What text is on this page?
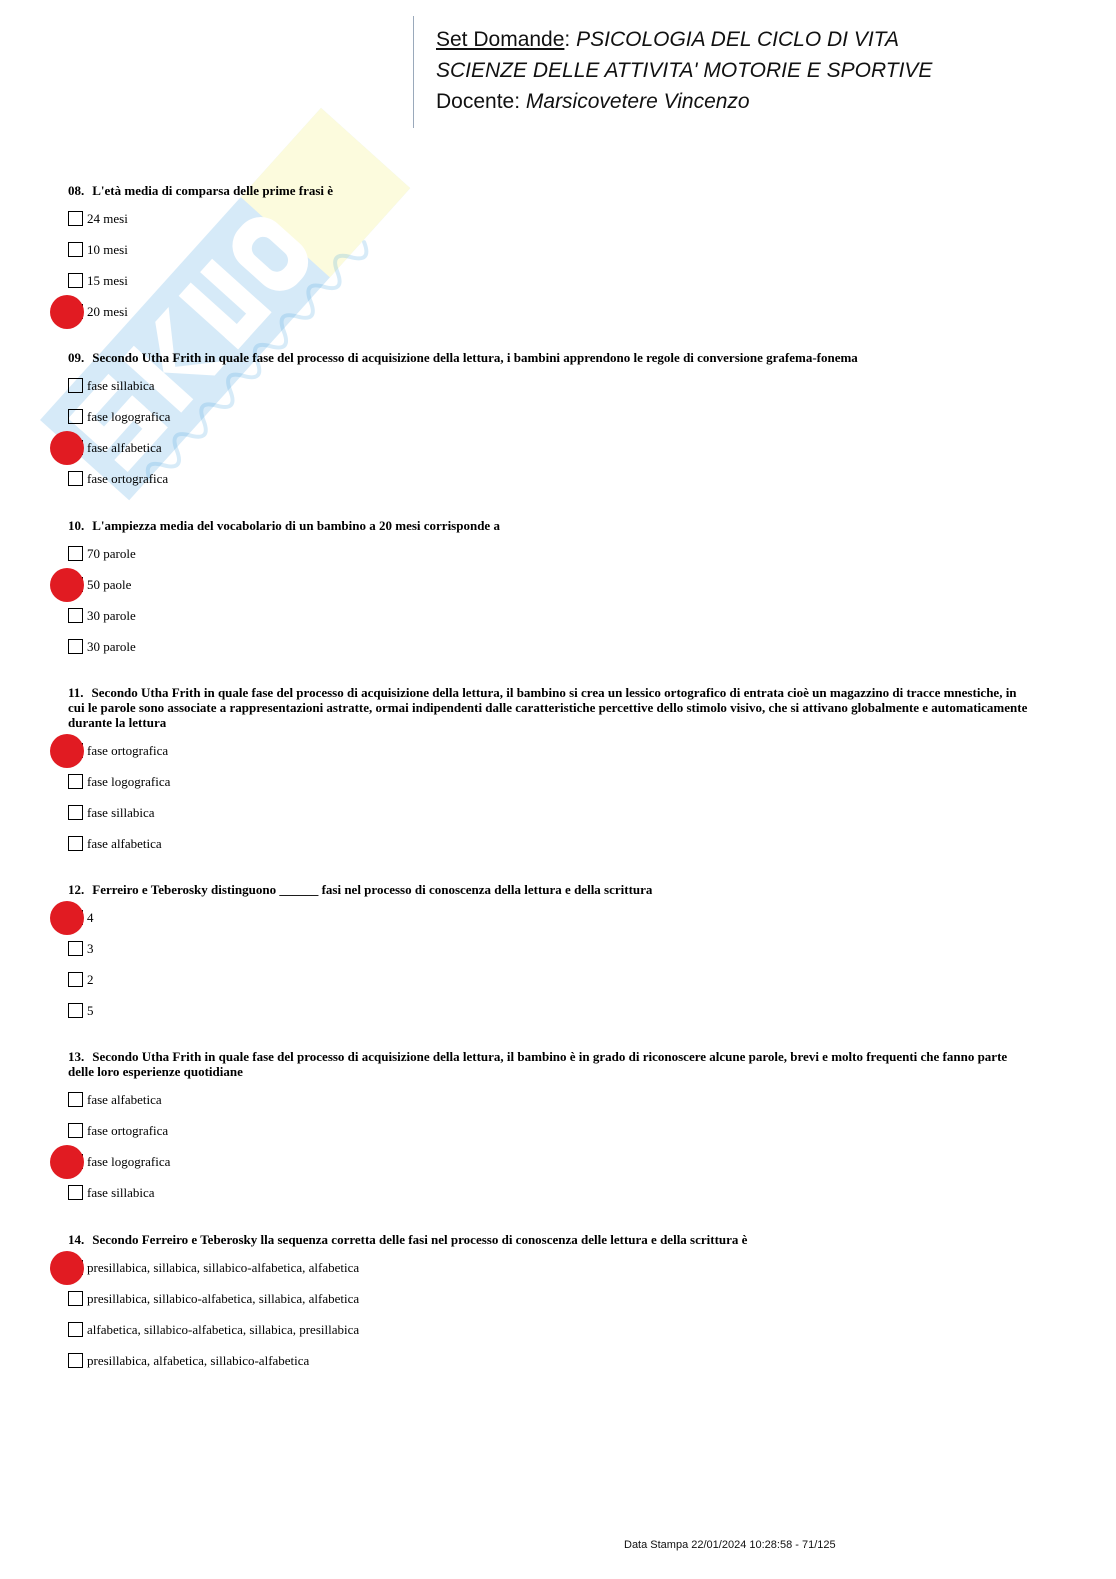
Set Domande: PSICOLOGIA DEL CICLO DI VITA
SCIENZE DELLE ATTIVITA' MOTORIE E SPORTIVE
Docente: Marsicovetere Vincenzo
08. L'età media di comparsa delle prime frasi è
24 mesi
10 mesi
15 mesi
20 mesi
09. Secondo Utha Frith in quale fase del processo di acquisizione della lettura, i bambini apprendono le regole di conversione grafema-fonema
fase sillabica
fase logografica
fase alfabetica
fase ortografica
10. L'ampiezza media del vocabolario di un bambino a 20 mesi corrisponde a
70 parole
50 paole
30 parole
30 parole
11. Secondo Utha Frith in quale fase del processo di acquisizione della lettura, il bambino si crea un lessico ortografico di entrata cioè un magazzino di tracce mnestiche, in cui le parole sono associate a rappresentazioni astratte, ormai indipendenti dalle caratteristiche percettive dello stimolo visivo, che si attivano globalmente e automaticamente durante la lettura
fase ortografica
fase logografica
fase sillabica
fase alfabetica
12. Ferreiro e Teberosky distinguono ______ fasi nel processo di conoscenza della lettura e della scrittura
4
3
2
5
13. Secondo Utha Frith in quale fase del processo di acquisizione della lettura, il bambino è in grado di riconoscere alcune parole, brevi e molto frequenti che fanno parte delle loro esperienze quotidiane
fase alfabetica
fase ortografica
fase logografica
fase sillabica
14. Secondo Ferreiro e Teberosky lla sequenza corretta delle fasi nel processo di conoscenza delle lettura e della scrittura è
presillabica, sillabica, sillabico-alfabetica, alfabetica
presillabica, sillabico-alfabetica, sillabica, alfabetica
alfabetica, sillabico-alfabetica, sillabica, presillabica
presillabica, alfabetica, sillabico-alfabetica
Data Stampa 22/01/2024 10:28:58 - 71/125
